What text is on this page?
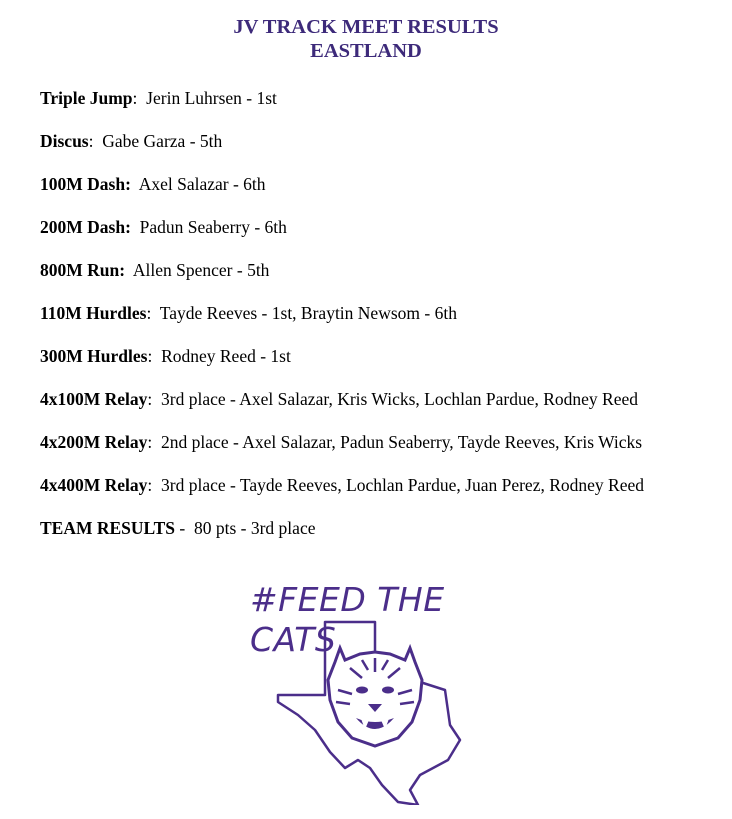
JV TRACK MEET RESULTS
EASTLAND
Triple Jump:  Jerin Luhrsen - 1st
Discus:  Gabe Garza - 5th
100M Dash: Axel Salazar - 6th
200M Dash: Padun Seaberry - 6th
800M Run: Allen Spencer - 5th
110M Hurdles:  Tayde Reeves - 1st, Braytin Newsom - 6th
300M Hurdles:  Rodney Reed - 1st
4x100M Relay:  3rd place - Axel Salazar, Kris Wicks, Lochlan Pardue, Rodney Reed
4x200M Relay:  2nd place - Axel Salazar, Padun Seaberry, Tayde Reeves, Kris Wicks
4x400M Relay:  3rd place - Tayde Reeves, Lochlan Pardue, Juan Perez, Rodney Reed
TEAM RESULTS -  80 pts - 3rd place
#FEED THE CATS
